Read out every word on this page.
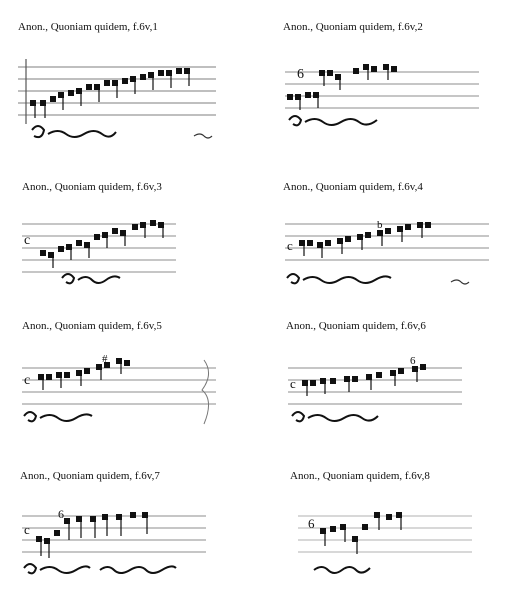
Anon., Quoniam quidem, f.6v,1	Anon., Quoniam quidem, f.6v,2
6
Anon., Quoniam quidem, f.6v,3
c
Anon., Quoniam quidem, f.6v,4
c
b
Anon., Quoniam quidem, f.6v,5
c
#
Anon., Quoniam quidem, f.6v,6
c
6
Anon., Quoniam quidem, f.6v,7
c
6
Anon., Quoniam quidem, f.6v,8
6
